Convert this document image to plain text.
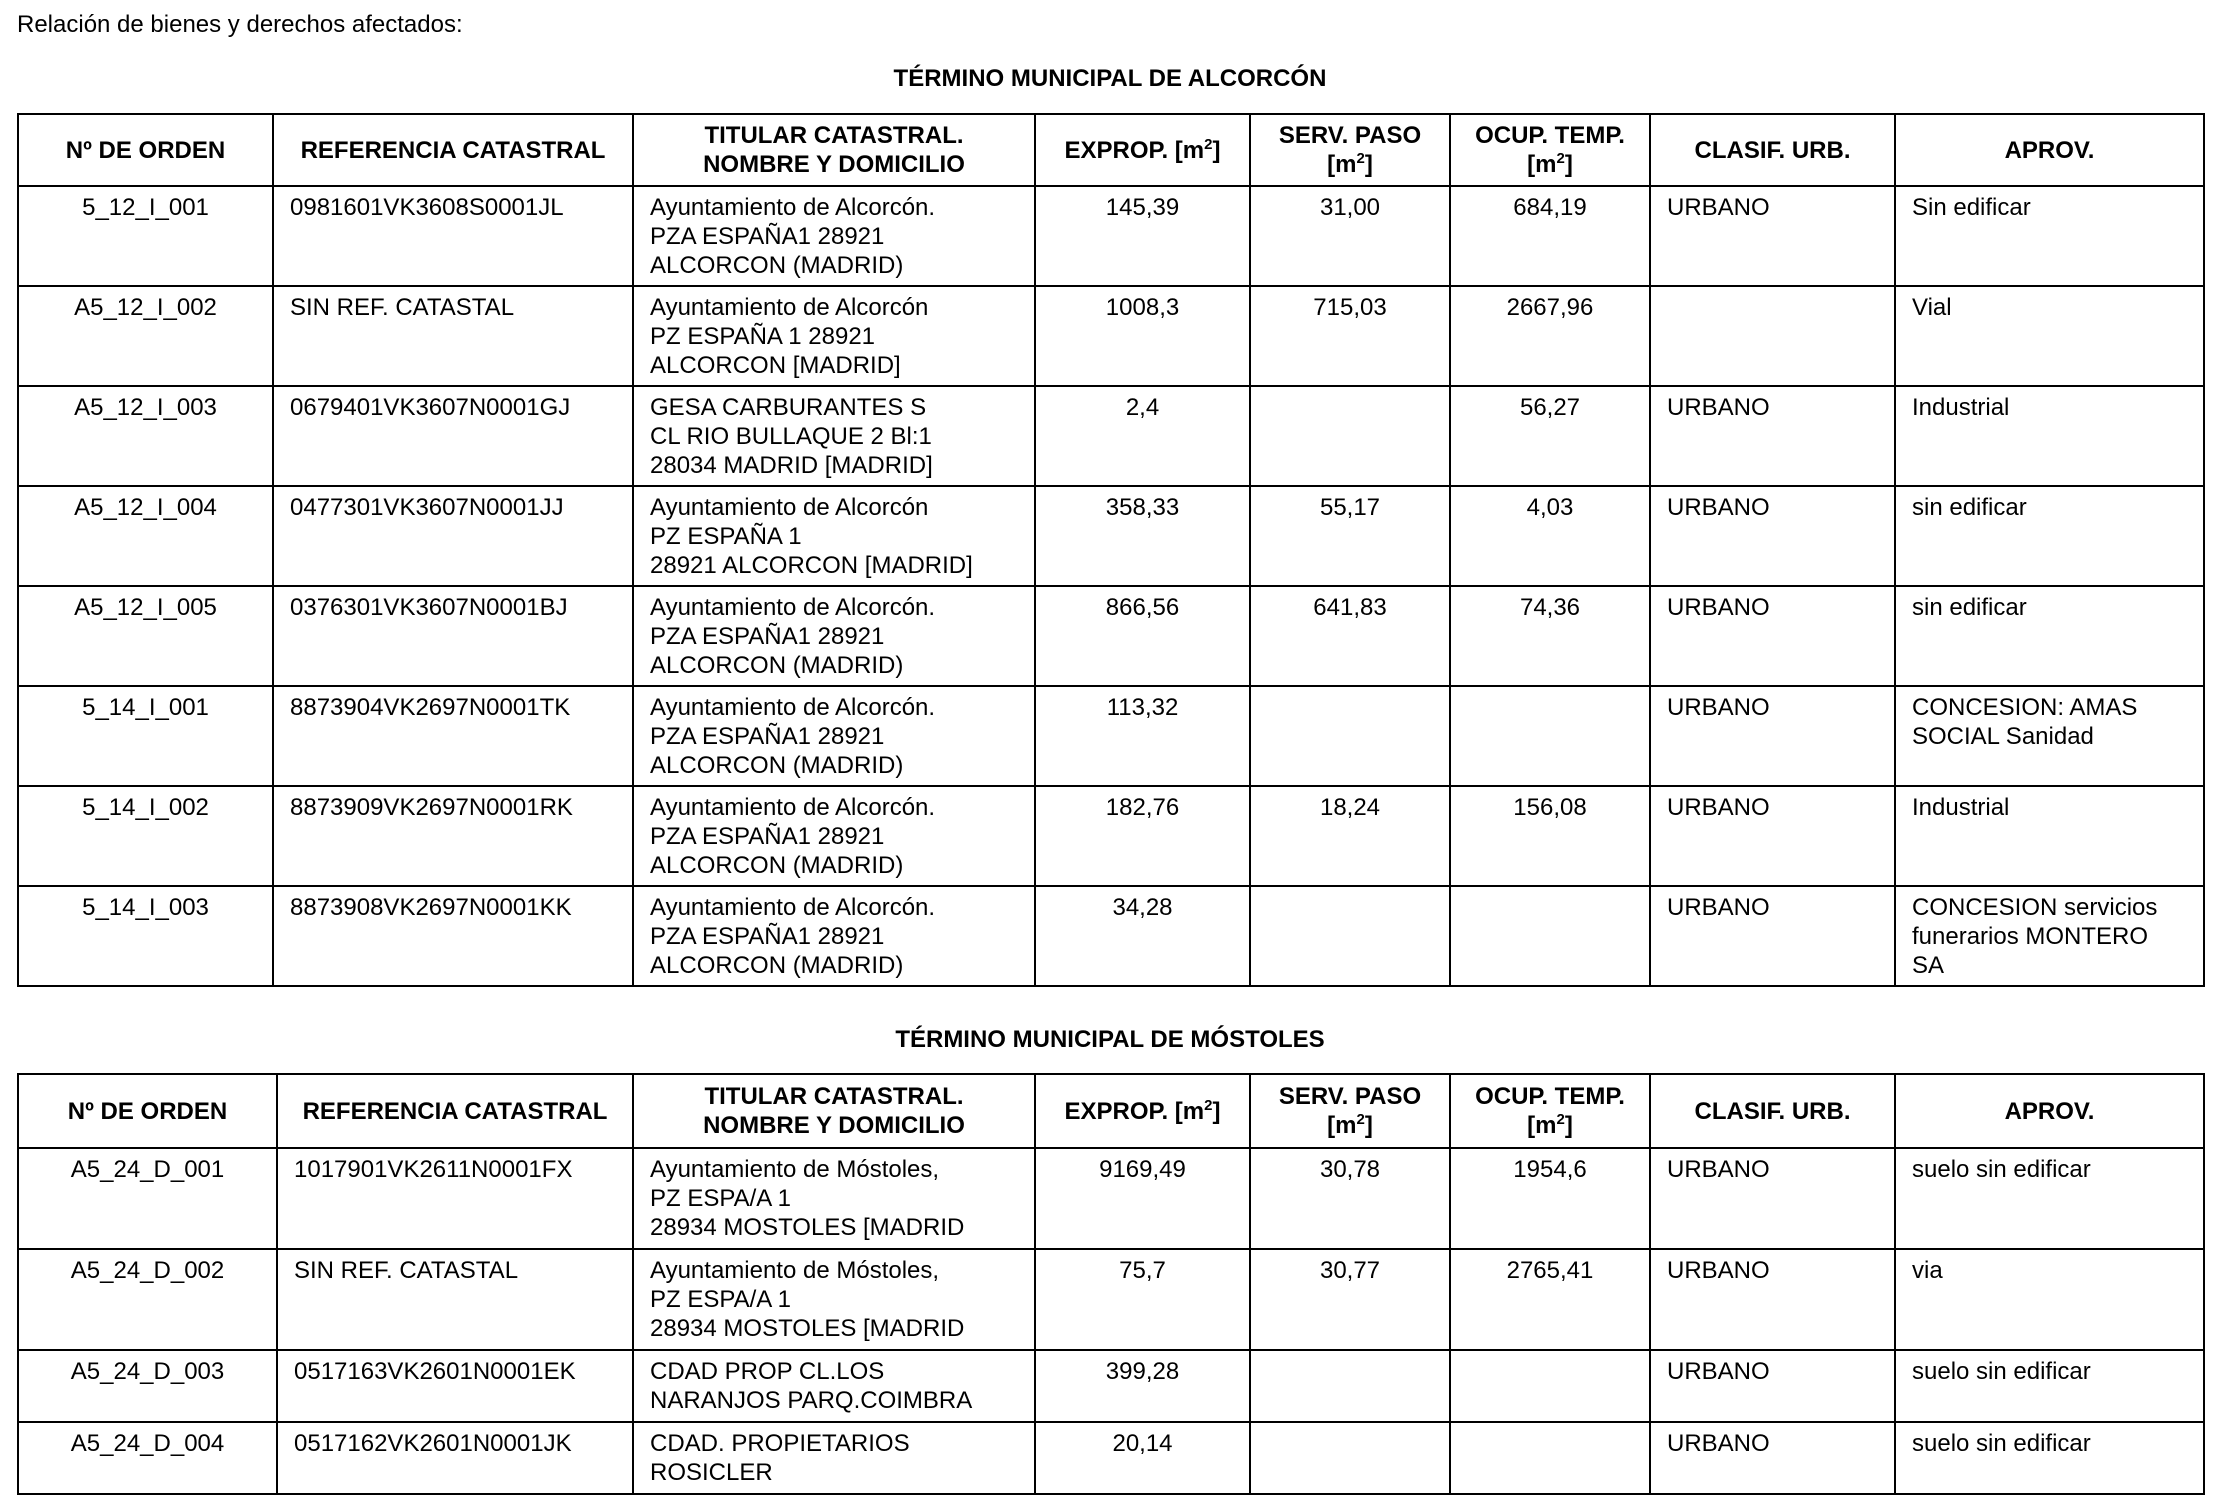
Relación de bienes y derechos afectados:
TÉRMINO MUNICIPAL DE ALCORCÓN
Nº DE ORDEN	REFERENCIA CATASTRAL	TITULAR CATASTRAL.
NOMBRE Y DOMICILIO	EXPROP. $[m^2]$	SERV. PASO
$[m^2]$	OCUP. TEMP.
$[m^2]$	CLASIF. URB.	APROV.
5_12_I_001	0981601VK3608S0001JL	Ayuntamiento de Alcorcón.
PZA ESPAÑA1 28921
ALCORCON (MADRID)	145,39	31,00	684,19	URBANO	Sin edificar
A5_12_I_002	SIN REF. CATASTAL	Ayuntamiento de Alcorcón
PZ ESPAÑA 1 28921
ALCORCON [MADRID]	1008,3	715,03	2667,96		Vial
A5_12_I_003	0679401VK3607N0001GJ	GESA CARBURANTES S
CL RIO BULLAQUE 2 Bl:1
28034 MADRID [MADRID]	2,4		56,27	URBANO	Industrial
A5_12_I_004	0477301VK3607N0001JJ	Ayuntamiento de Alcorcón
PZ ESPAÑA 1
28921 ALCORCON [MADRID]	358,33	55,17	4,03	URBANO	sin edificar
A5_12_I_005	0376301VK3607N0001BJ	Ayuntamiento de Alcorcón.
PZA ESPAÑA1 28921
ALCORCON (MADRID)	866,56	641,83	74,36	URBANO	sin edificar
5_14_I_001	8873904VK2697N0001TK	Ayuntamiento de Alcorcón.
PZA ESPAÑA1 28921
ALCORCON (MADRID)	113,32			URBANO	CONCESION: AMAS
SOCIAL Sanidad
5_14_I_002	8873909VK2697N0001RK	Ayuntamiento de Alcorcón.
PZA ESPAÑA1 28921
ALCORCON (MADRID)	182,76	18,24	156,08	URBANO	Industrial
5_14_I_003	8873908VK2697N0001KK	Ayuntamiento de Alcorcón.
PZA ESPAÑA1 28921
ALCORCON (MADRID)	34,28			URBANO	CONCESION servicios
funerarios MONTERO
SA
TÉRMINO MUNICIPAL DE MÓSTOLES
Nº DE ORDEN	REFERENCIA CATASTRAL	TITULAR CATASTRAL.
NOMBRE Y DOMICILIO	EXPROP. $[m^2]$	SERV. PASO
$[m^2]$	OCUP. TEMP.
$[m^2]$	CLASIF. URB.	APROV.
A5_24_D_001	1017901VK2611N0001FX	Ayuntamiento de Móstoles,
PZ ESPA/A 1
28934 MOSTOLES [MADRID	9169,49	30,78	1954,6	URBANO	suelo sin edificar
A5_24_D_002	SIN REF. CATASTAL	Ayuntamiento de Móstoles,
PZ ESPA/A 1
28934 MOSTOLES [MADRID	75,7	30,77	2765,41	URBANO	via
A5_24_D_003	0517163VK2601N0001EK	CDAD PROP CL.LOS
NARANJOS PARQ.COIMBRA	399,28			URBANO	suelo sin edificar
A5_24_D_004	0517162VK2601N0001JK	CDAD. PROPIETARIOS
ROSICLER	20,14			URBANO	suelo sin edificar
